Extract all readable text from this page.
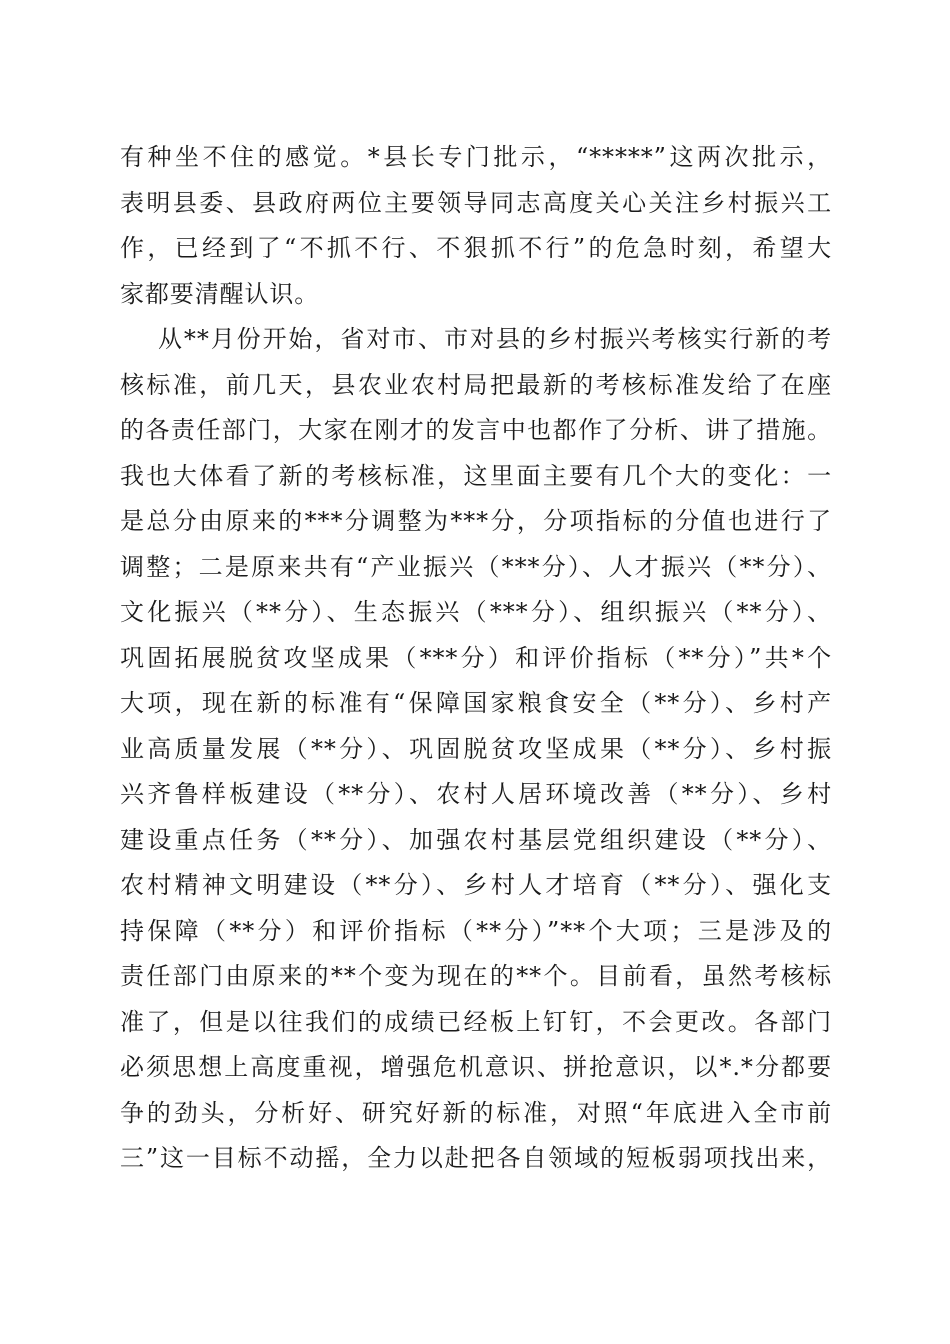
有种坐不住的感觉。*县长专门批示，“*****”这两次批示，
表明县委、县政府两位主要领导同志高度关心关注乡村振兴工
作，已经到了“不抓不行、不狠抓不行”的危急时刻，希望大
家都要清醒认识。
从**月份开始，省对市、市对县的乡村振兴考核实行新的考
核标准，前几天，县农业农村局把最新的考核标准发给了在座
的各责任部门，大家在刚才的发言中也都作了分析、讲了措施。
我也大体看了新的考核标准，这里面主要有几个大的变化：一
是总分由原来的***分调整为***分，分项指标的分值也进行了
调整；二是原来共有“产业振兴（***分）、人才振兴（**分）、
文化振兴（**分）、生态振兴（***分）、组织振兴（**分）、
巩固拓展脱贫攻坚成果（***分）和评价指标（**分）”共*个
大项，现在新的标准有“保障国家粮食安全（**分）、乡村产
业高质量发展（**分）、巩固脱贫攻坚成果（**分）、乡村振
兴齐鲁样板建设（**分）、农村人居环境改善（**分）、乡村
建设重点任务（**分）、加强农村基层党组织建设（**分）、
农村精神文明建设（**分）、乡村人才培育（**分）、强化支
持保障（**分）和评价指标（**分）”**个大项；三是涉及的
责任部门由原来的**个变为现在的**个。目前看，虽然考核标
准了，但是以往我们的成绩已经板上钉钉，不会更改。各部门
必须思想上高度重视，增强危机意识、拼抢意识，以*.*分都要
争的劲头，分析好、研究好新的标准，对照“年底进入全市前
三”这一目标不动摇，全力以赴把各自领域的短板弱项找出来，
